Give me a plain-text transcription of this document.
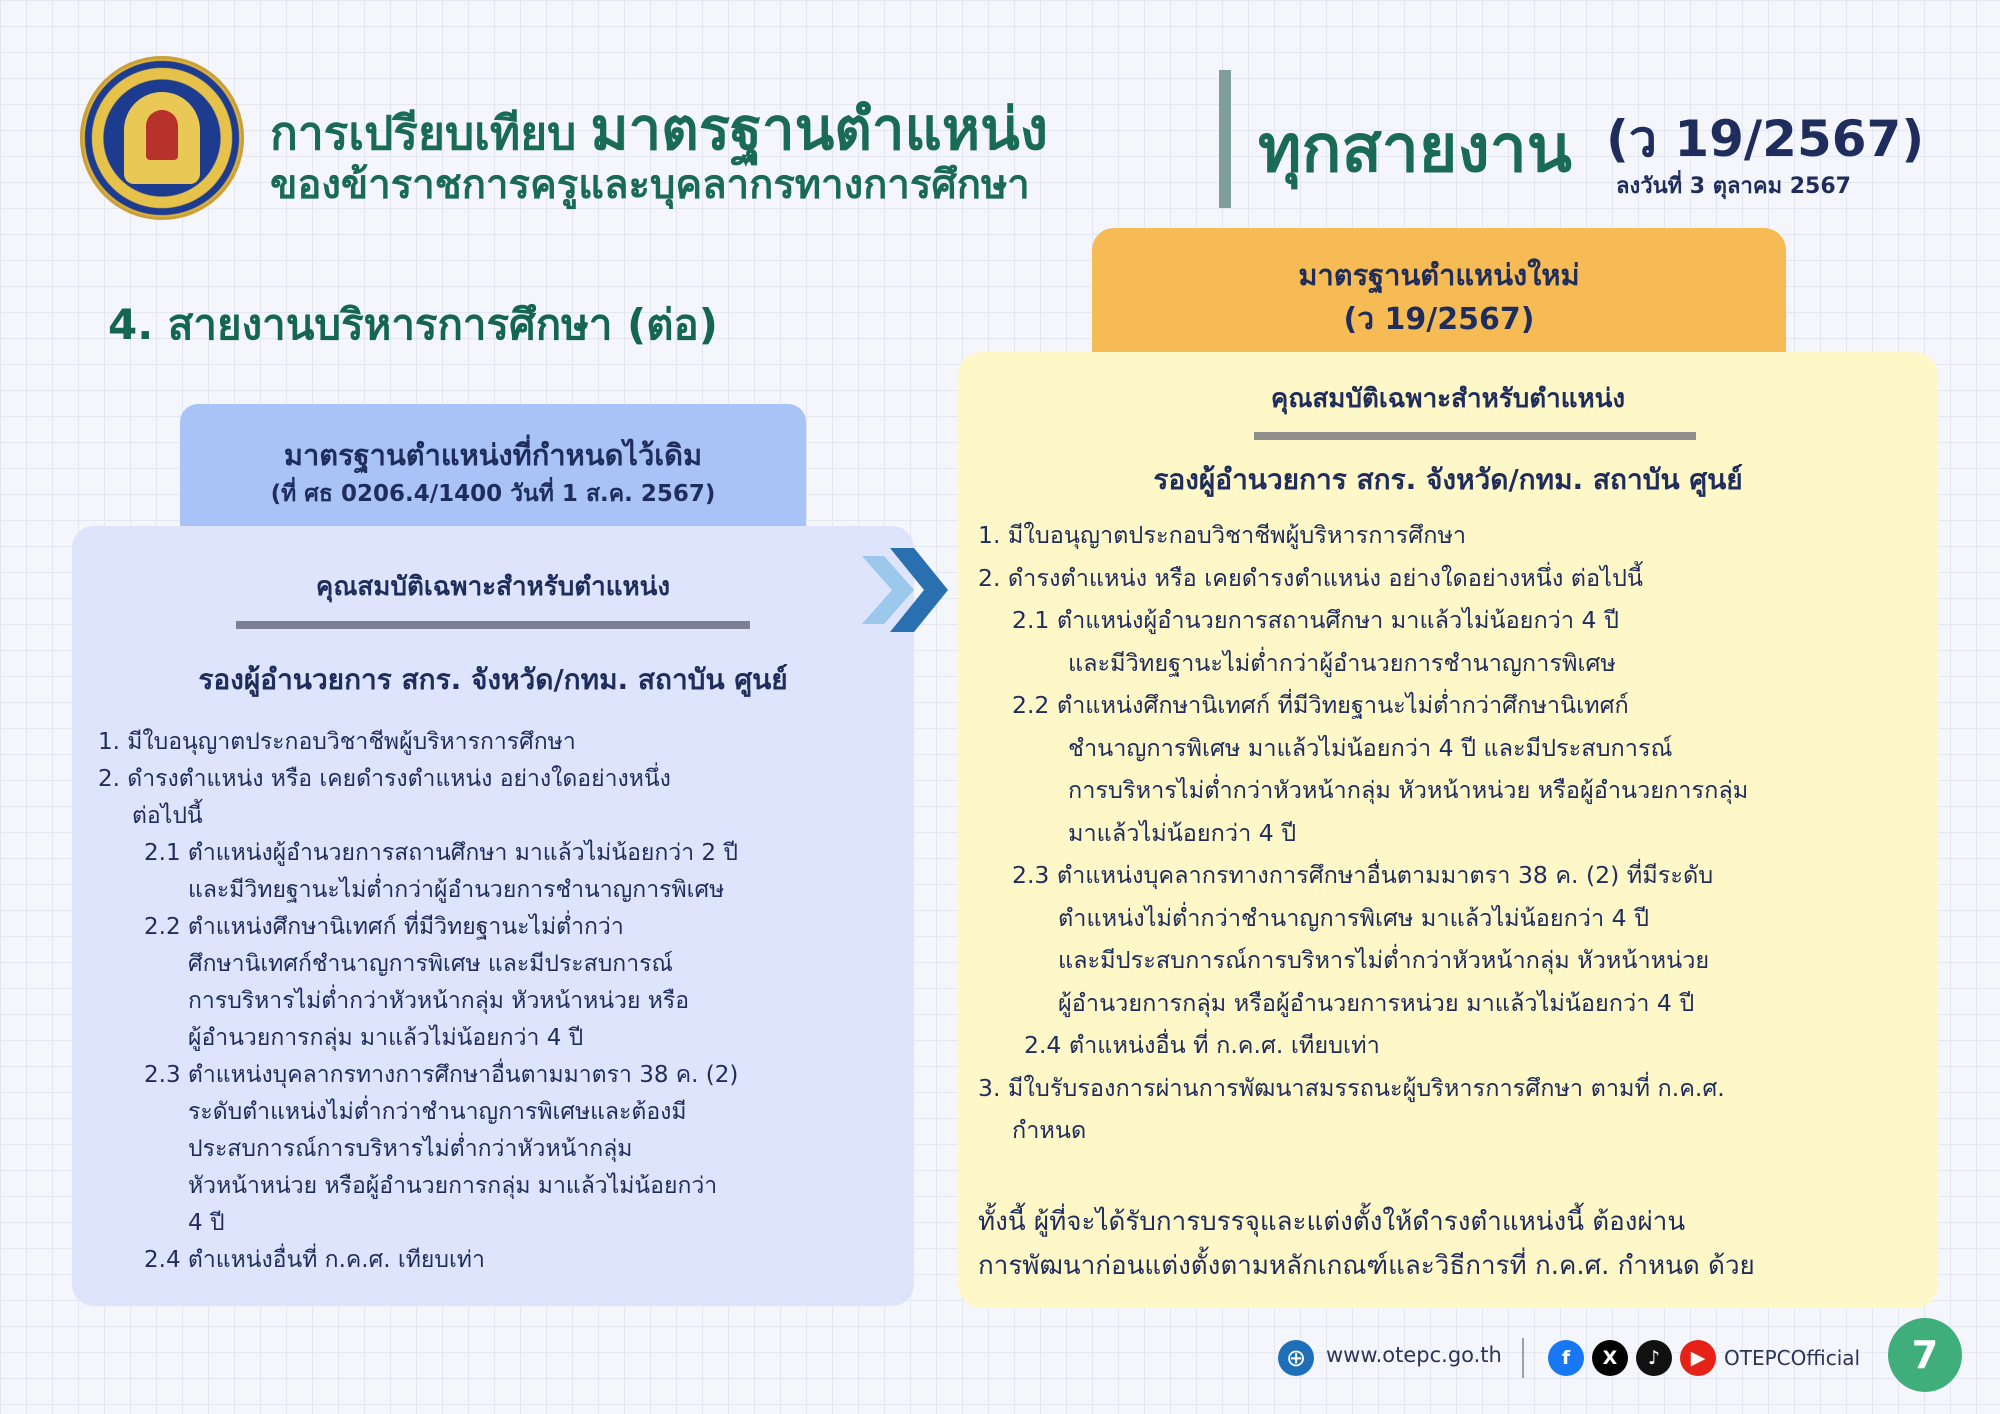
การเปรียบเทียบ มาตรฐานตำแหน่ง
ของข้าราชการครูและบุคลากรทางการศึกษา	ทุกสายงาน (ว 19/2567)
ลงวันที่ 3 ตุลาคม 2567
4. สายงานบริหารการศึกษา (ต่อ)
มาตรฐานตำแหน่งที่กำหนดไว้เดิม
(ที่ ศธ 0206.4/1400 วันที่ 1 ส.ค. 2567)
คุณสมบัติเฉพาะสำหรับตำแหน่ง
รองผู้อำนวยการ สกร. จังหวัด/กทม. สถาบัน ศูนย์
1. มีใบอนุญาตประกอบวิชาชีพผู้บริหารการศึกษา
2. ดำรงตำแหน่ง หรือ เคยดำรงตำแหน่ง อย่างใดอย่างหนึ่ง
ต่อไปนี้
2.1 ตำแหน่งผู้อำนวยการสถานศึกษา มาแล้วไม่น้อยกว่า 2 ปี
และมีวิทยฐานะไม่ต่ำกว่าผู้อำนวยการชำนาญการพิเศษ
2.2 ตำแหน่งศึกษานิเทศก์ ที่มีวิทยฐานะไม่ต่ำกว่า
ศึกษานิเทศก์ชำนาญการพิเศษ และมีประสบการณ์
การบริหารไม่ต่ำกว่าหัวหน้ากลุ่ม หัวหน้าหน่วย หรือ
ผู้อำนวยการกลุ่ม มาแล้วไม่น้อยกว่า 4 ปี
2.3 ตำแหน่งบุคลากรทางการศึกษาอื่นตามมาตรา 38 ค. (2)
ระดับตำแหน่งไม่ต่ำกว่าชำนาญการพิเศษและต้องมี
ประสบการณ์การบริหารไม่ต่ำกว่าหัวหน้ากลุ่ม
หัวหน้าหน่วย หรือผู้อำนวยการกลุ่ม มาแล้วไม่น้อยกว่า
4 ปี
2.4 ตำแหน่งอื่นที่ ก.ค.ศ. เทียบเท่า
มาตรฐานตำแหน่งใหม่
(ว 19/2567)
คุณสมบัติเฉพาะสำหรับตำแหน่ง
รองผู้อำนวยการ สกร. จังหวัด/กทม. สถาบัน ศูนย์
1. มีใบอนุญาตประกอบวิชาชีพผู้บริหารการศึกษา
2. ดำรงตำแหน่ง หรือ เคยดำรงตำแหน่ง อย่างใดอย่างหนึ่ง ต่อไปนี้
2.1 ตำแหน่งผู้อำนวยการสถานศึกษา มาแล้วไม่น้อยกว่า 4 ปี
และมีวิทยฐานะไม่ต่ำกว่าผู้อำนวยการชำนาญการพิเศษ
2.2 ตำแหน่งศึกษานิเทศก์ ที่มีวิทยฐานะไม่ต่ำกว่าศึกษานิเทศก์
ชำนาญการพิเศษ มาแล้วไม่น้อยกว่า 4 ปี และมีประสบการณ์
การบริหารไม่ต่ำกว่าหัวหน้ากลุ่ม หัวหน้าหน่วย หรือผู้อำนวยการกลุ่ม
มาแล้วไม่น้อยกว่า 4 ปี
2.3 ตำแหน่งบุคลากรทางการศึกษาอื่นตามมาตรา 38 ค. (2) ที่มีระดับ
ตำแหน่งไม่ต่ำกว่าชำนาญการพิเศษ มาแล้วไม่น้อยกว่า 4 ปี
และมีประสบการณ์การบริหารไม่ต่ำกว่าหัวหน้ากลุ่ม หัวหน้าหน่วย
ผู้อำนวยการกลุ่ม หรือผู้อำนวยการหน่วย มาแล้วไม่น้อยกว่า 4 ปี
2.4 ตำแหน่งอื่น ที่ ก.ค.ศ. เทียบเท่า
3. มีใบรับรองการผ่านการพัฒนาสมรรถนะผู้บริหารการศึกษา ตามที่ ก.ค.ศ.
กำหนด
ทั้งนี้ ผู้ที่จะได้รับการบรรจุและแต่งตั้งให้ดำรงตำแหน่งนี้ ต้องผ่าน
การพัฒนาก่อนแต่งตั้งตามหลักเกณฑ์และวิธีการที่ ก.ค.ศ. กำหนด ด้วย
⊕ www.otepc.go.th	f	X	♪	▶ OTEPCOfficial	7
